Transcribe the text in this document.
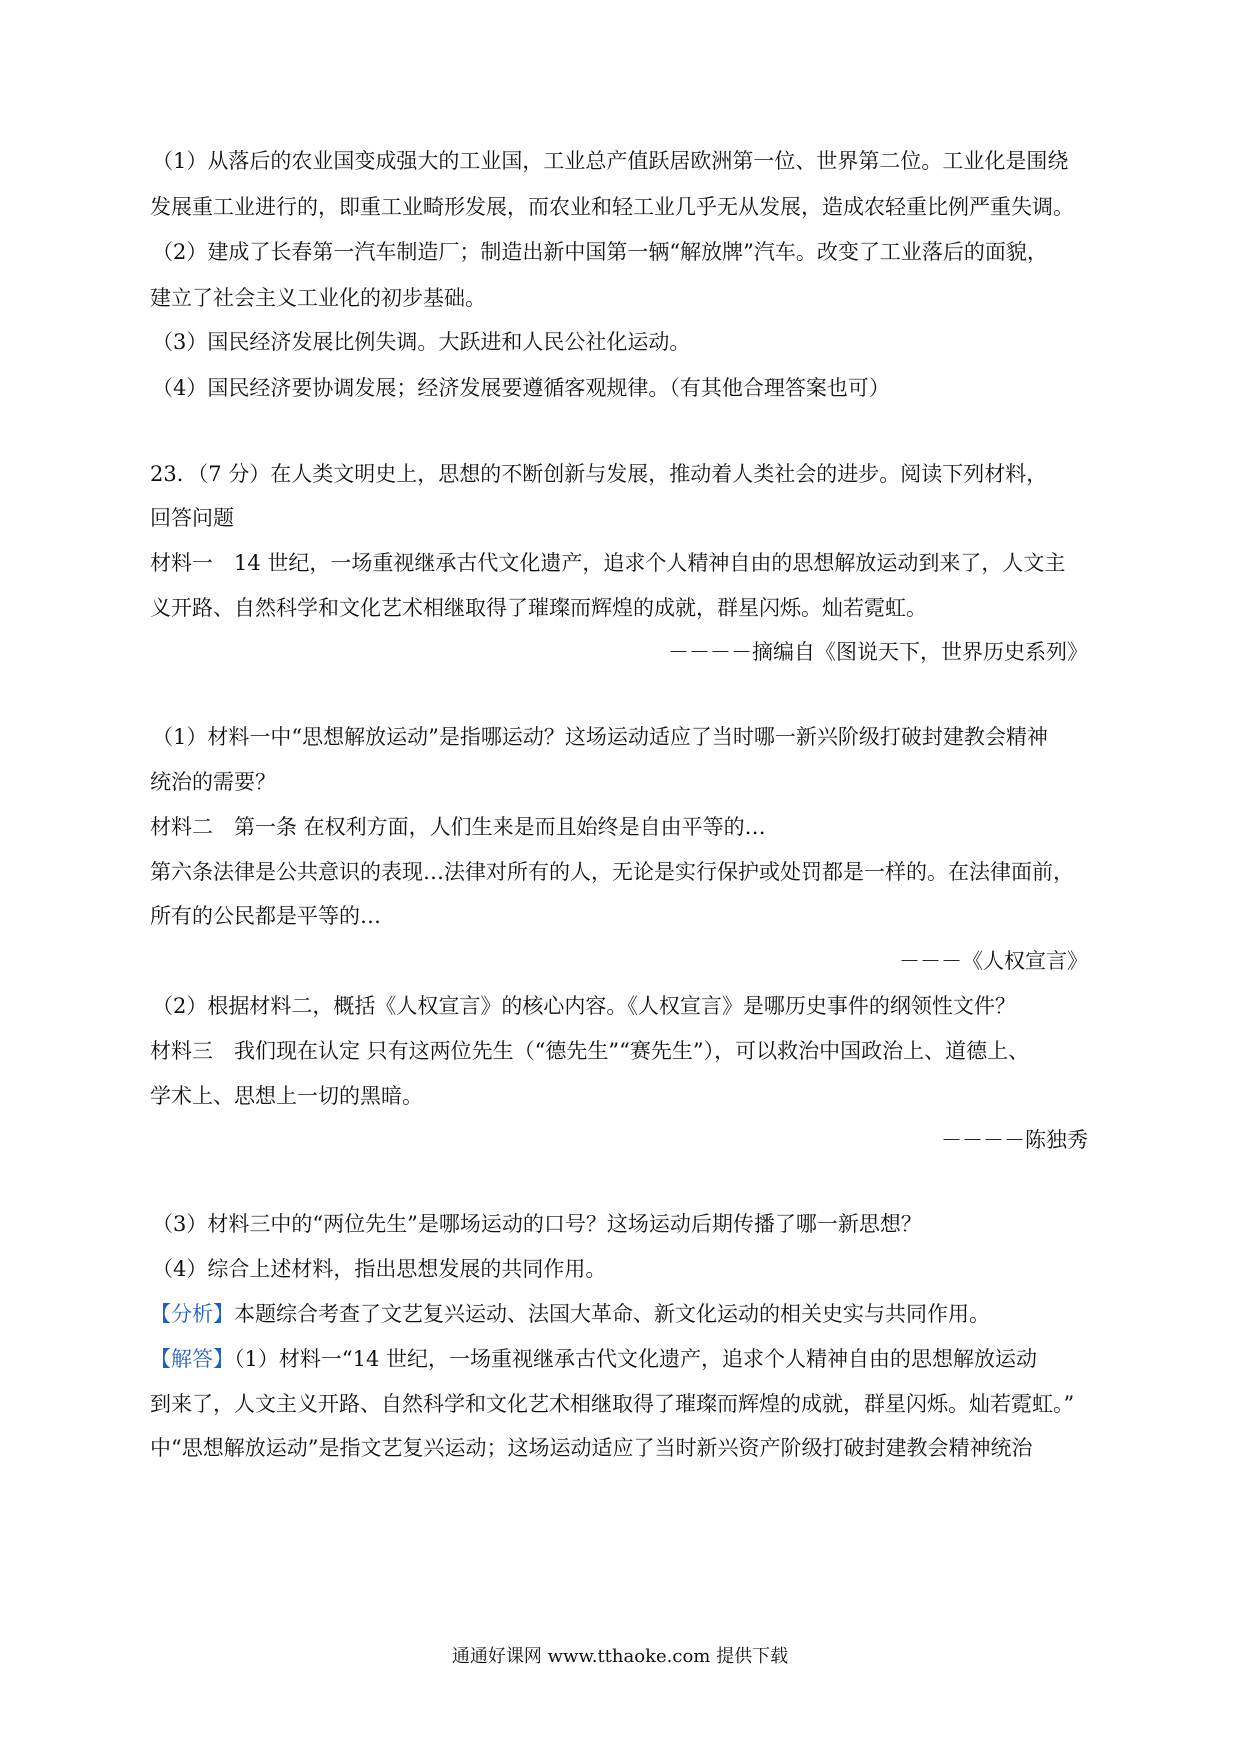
（1）从落后的农业国变成强大的工业国，工业总产值跃居欧洲第一位、世界第二位。工业化是围绕
发展重工业进行的，即重工业畸形发展，而农业和轻工业几乎无从发展，造成农轻重比例严重失调。
（2）建成了长春第一汽车制造厂；制造出新中国第一辆“解放牌”汽车。改变了工业落后的面貌，
建立了社会主义工业化的初步基础。
（3）国民经济发展比例失调。大跃进和人民公社化运动。
（4）国民经济要协调发展；经济发展要遵循客观规律。（有其他合理答案也可）
23．（7 分）在人类文明史上，思想的不断创新与发展，推动着人类社会的进步。阅读下列材料，
回答问题
材料一　14 世纪，一场重视继承古代文化遗产，追求个人精神自由的思想解放运动到来了，人文主
义开路、自然科学和文化艺术相继取得了璀璨而辉煌的成就，群星闪烁。灿若霓虹。
－－－－摘编自《图说天下，世界历史系列》
（1）材料一中“思想解放运动”是指哪运动？这场运动适应了当时哪一新兴阶级打破封建教会精神
统治的需要？
材料二　第一条 在权利方面，人们生来是而且始终是自由平等的…
第六条法律是公共意识的表现…法律对所有的人，无论是实行保护或处罚都是一样的。在法律面前，
所有的公民都是平等的…
－－－《人权宣言》
（2）根据材料二，概括《人权宣言》的核心内容。《人权宣言》是哪历史事件的纲领性文件？
材料三　我们现在认定 只有这两位先生（“德先生”“赛先生”），可以救治中国政治上、道德上、
学术上、思想上一切的黑暗。
－－－－陈独秀
（3）材料三中的“两位先生”是哪场运动的口号？这场运动后期传播了哪一新思想？
（4）综合上述材料，指出思想发展的共同作用。
【分析】本题综合考查了文艺复兴运动、法国大革命、新文化运动的相关史实与共同作用。
【解答】（1）材料一“14 世纪，一场重视继承古代文化遗产，追求个人精神自由的思想解放运动
到来了，人文主义开路、自然科学和文化艺术相继取得了璀璨而辉煌的成就，群星闪烁。灿若霓虹。”
中“思想解放运动”是指文艺复兴运动；这场运动适应了当时新兴资产阶级打破封建教会精神统治
通通好课网 www.tthaoke.com 提供下载
